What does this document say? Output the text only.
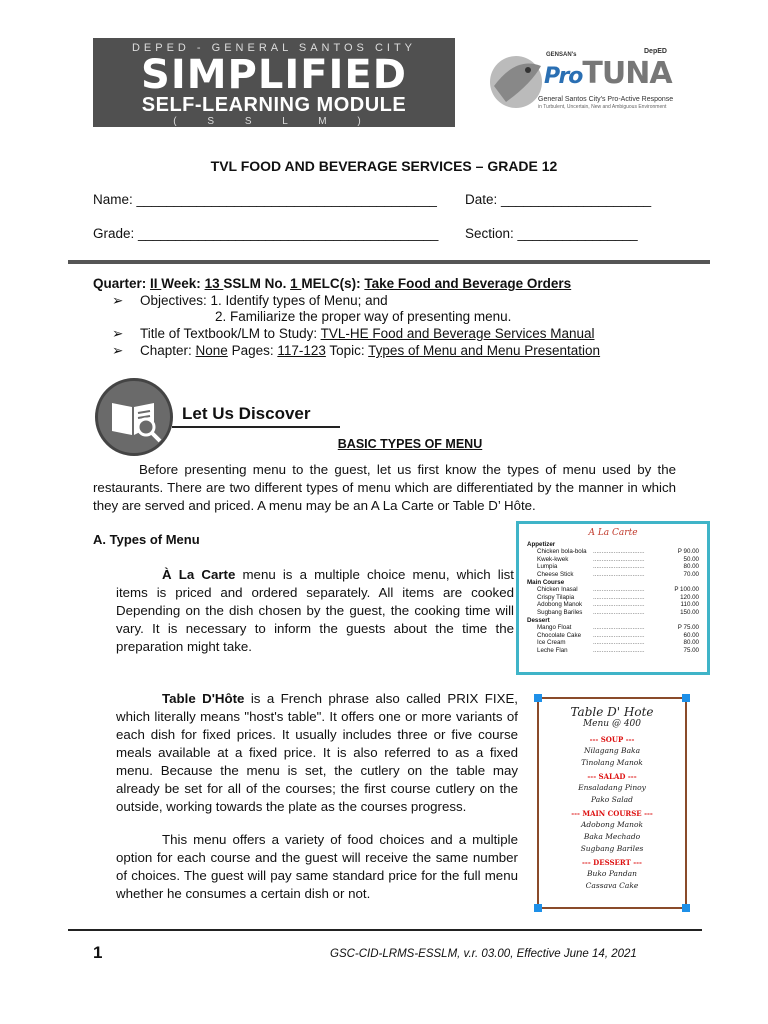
DEPED - GENERAL SANTOS CITY
SIMPLIFIED
SELF-LEARNING MODULE
( S S L M )
GENSAN's	DepED
ProTUNA
General Santos City's Pro-Active Response
in Turbulent, Uncertain, New and Ambiguous Environment
TVL FOOD AND BEVERAGE SERVICES – GRADE 12
Name: ________________________________________ Date: ____________________
Grade: ________________________________________ Section: ________________
Quarter: II Week: 13 SSLM No. 1 MELC(s): Take Food and Beverage Orders
➢ Objectives: 1. Identify types of Menu; and
2. Familiarize the proper way of presenting menu.
➢ Title of Textbook/LM to Study: TVL-HE Food and Beverage Services Manual
➢ Chapter: None Pages: 117-123 Topic: Types of Menu and Menu Presentation
Let Us Discover
BASIC TYPES OF MENU
Before presenting menu to the guest, let us first know the types of menu used by the restaurants. There are two different types of menu which are differentiated by the manner in which they are served and priced. A menu may be an A La Carte or Table D’ Hôte.
A. Types of Menu
À La Carte menu is a multiple choice menu, which list items is priced and ordered separately. All items are cooked Depending on the dish chosen by the guest, the cooking time will vary. It is necessary to inform the guests about the time the preparation might take.
Table D'Hôte is a French phrase also called PRIX FIXE, which literally means "host's table". It offers one or more variants of each dish for fixed prices. It usually includes three or five course meals available at a fixed price. It is also referred to as a fixed menu. Because the menu is set, the cutlery on the table may already be set for all of the courses; the first course cutlery on the outside, working towards the plate as the courses progress.
This menu offers a variety of food choices and a multiple option for each course and the guest will receive the same number of choices. The guest will pay same standard price for the full menu whether he consumes a certain dish or not.
A La Carte
Appetizer
Chicken bola-bola	..............................	P 90.00
Kwek-kwek	..............................	50.00
Lumpia	..............................	80.00
Cheese Stick	..............................	70.00
Main Course
Chicken Inasal	..............................	P 100.00
Crispy Tilapia	..............................	120.00
Adobong Manok	..............................	110.00
Sugbang Bariles	..............................	150.00
Dessert
Mango Float	..............................	P 75.00
Chocolate Cake	..............................	60.00
Ice Cream	..............................	80.00
Leche Flan	..............................	75.00
Table D' Hote
Menu @ 400
--- SOUP ---
Nilagang Baka
Tinolang Manok
--- SALAD ---
Ensaladang Pinoy
Pako Salad
--- MAIN COURSE ---
Adobong Manok
Baka Mechado
Sugbang Bariles
--- DESSERT ---
Buko Pandan
Cassava Cake
1	GSC-CID-LRMS-ESSLM, v.r. 03.00, Effective June 14, 2021
